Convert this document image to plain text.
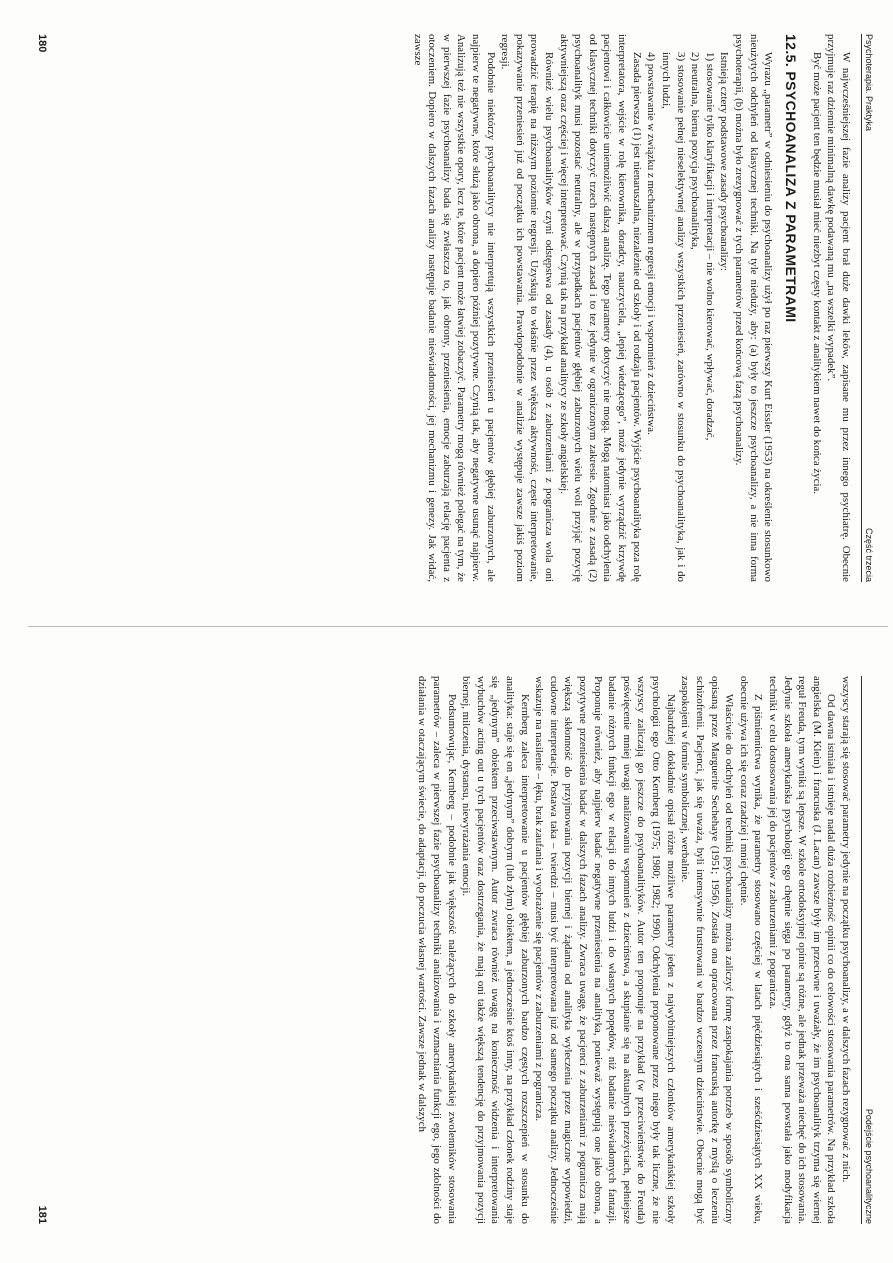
Psychoterapia. Praktyka
Część trzecia

W najwcześniejszej fazie analizy pacjent brał duże dawki leków, zapisane mu przez innego psychiatrę. Obecnie przyjmuje raz dziennie minimalną dawkę podawaną mu „na wszelki wypadek”.

Być może pacjent ten będzie musiał mieć niezbyt częsty kontakt z analitykiem nawet do końca życia.

12.5. PSYCHOANALIZA Z PARAMETRAMI

Wyrazu „parametr” w odniesieniu do psychoanalizy użył po raz pierwszy Kurt Eissler (1953) na określenie stosunkowo nieużytych odchyleń od klasycznej techniki. Na tyle nieduży, aby: (a) były to jeszcze psychoanalizy, a nie inna forma psychoterapii, (b) można było zrezygnować z tych parametrów przed końcową fazą psychoanalizy.

Istnieją cztery podstawowe zasady psychoanalizy:

1) stosowanie tylko klaryfikacji i interpretacji – nie wolno kierować, wpływać, doradzać,

2) neutralna, bierna pozycja psychoanalityka,

3) stosowanie pełnej nieselektywnej analizy wszystkich przeniesień, zarówno w stosunku do psychoanalityka, jak i do innych ludzi,

4) powstawanie w związku z mechanizmem regresji emocji i wspomnień z dzieciństwa.

Zasada pierwsza (1) jest nienaruszalna, niezależnie od szkoły i od rodzaju pacjentów. Wyjście psychoanalityka poza rolę interpretatora, wejście w rolę kierownika, doradcy, nauczyciela, „lepiej wiedzącego”, może jedynie wyrządzić krzywdę pacjentowi i całkowicie uniemożliwić dalszą analizę. Tego parametry dotyczyć nie mogą. Mogą natomiast jako odchylenia od klasycznej techniki dotyczyć trzech następnych zasad i to tez jedynie w ograniczonym zakresie. Zgodnie z zasadą (2) psychoanalityk musi pozostać neutralny, ale w przypadkach pacjentów głębiej zaburzonych wielu woli przyjąć pozycję aktywniejszą oraz częściej i więcej interpretować. Czynią tak na przykład analitycy ze szkoły angielskiej.

Również wielu psychoanalityków czyni odstępstwa od zasady (4), u osób z zaburzeniami z pogranicza wola oni prowadzić terapię na niższym poziomie regresji. Uzyskują to właśnie przez większą aktywność, częste interpretowanie, pokazywanie przeniesień już od początku ich powstawania. Prawdopodobnie w analizie występuje zawsze jakiś poziom regresji.

Podobnie niektórzy psychoanalitycy nie interpretują wszystkich przeniesień u pacjentów głębiej zaburzonych, ale najpierw te negatywne, które służą jako obrona, a dopiero później pozytywne. Czynią tak, aby negatywne usunąć najpierw. Analizują też nie wszystkie opory, lecz te, które pacjent może łatwiej zobaczyć. Parametry mogą również polegać na tym, że w pierwszej fazie psychoanalizy bada się zwłaszcza to, jak obrony, przeniesienia, emocje zaburzają relację pacjenta z otoczeniem. Dopiero w dalszych fazach analizy następuje badanie nieświadomości, jej mechanizmu i genezy. Jak widać, zawsze

180
Podejście psychoanalityczne

wszyscy starają się stosować parametry jedynie na początku psychoanalizy, a w dalszych fazach rezygnować z nich.

Od dawna istniała i istnieje nadal duża rozbieżność opinii co do celowości stosowania parametrów. Na przykład szkoła angielska (M. Klein) i francuska (J. Lacan) zawsze były im przeciwne i uważały, że im psychoanalityk trzyma się wiernej reguł Freuda, tym wyniki są lepsze. W szkole ortodoksyjnej opinie są różne, ale jednak przeważa niechęć do ich stosowania. Jedynie szkoła amerykańska psychologii ego chętnie sięga po parametry, gdyż to ona sama powstała jako modyfikacja techniki w celu dostosowania jej do pacjentów z zaburzeniami z pogranicza.

Z piśmiennictwa wynika, że parametry stosowano częściej w latach pięćdziesiątych i sześćdziesiątych XX wieku, obecnie używa ich się coraz rzadziej i mniej chętnie.

Właściwie do odchyleń od techniki psychoanalizy można zaliczyć formę zaspokajania potrzeb w sposób symboliczny opisaną przez Marguerite Sechehaye (1951; 1956). Została ona opracowana przez francuską autorkę z myślą o leczeniu schizofrenii. Pacjenci, jak się uważa, byli intensywnie frustrowani w bardzo wczesnym dzieciństwie. Obecnie mogą być zaspokojeni w formie symbolicznej, werbalnie.

Najbardziej dokładnie opisał różne możliwe parametry jeden z najwybitniejszych członków amerykańskiej szkoły psychologii ego Otto Kernberg (1975; 1980; 1982; 1990). Odchylenia proponowane przez niego były tak liczne, że nie wszyscy zaliczają go jeszcze do psychoanalityków. Autor ten proponuje na przykład (w przeciwieństwie do Freuda) poświęcenie mniej uwagi analizowaniu wspomnień z dzieciństwa, a skupianie się na aktualnych przeżyciach, pełniejsze badanie różnych funkcji ego w relacji do innych ludzi i do własnych popędów, niż badanie nieświadomych fantazji. Proponuje również, aby najpierw badać negatywne przeniesienia na analityka, ponieważ występują one jako obrona, a pozytywne przeniesienia badać w dalszych fazach analizy. Zwraca uwagę, że pacjenci z zaburzeniami z pogranicza mają większą skłonność do przyjmowania pozycji biernej i żądania od analityka wyleczenia przez magiczne wypowiedzi, cudowne interpretacje. Postawa taka – twierdzi – musi być interpretowana już od samego początku analizy. Jednocześnie wskazuje na nasilenie – lęku, brak zaufania i wyobrażenie się pacjentów z zaburzeniami z pogranicza.

Kernberg zaleca interpretowanie u pacjentów głębiej zaburzonych bardzo częstych rozszczepień w stosunku do analityka: staje się on „jedynym” dobrym (lub złym) obiektem, a jednocześnie ktoś inny, na przykład członek rodziny staje się „jedynym” obiektem przeciwstawnym. Autor zwraca również uwagę na konieczność widzenia i interpretowania wybuchów acting out u tych pacjentów oraz dostrzegania, że mają oni także większą tendencję do przyjmowania pozycji biernej, milczenia, dystansu, niewyrażania emocji.

Podsumowując, Kernberg – podobnie jak większość należących do szkoły amerykańskiej zwolenników stosowania parametrów – zaleca w pierwszej fazie psychoanalizy techniki analizowania i wzmacniania funkcji ego, jego zdolności do działania w otaczającym świecie, do adaptacji, do poczucia własnej wartości. Zawsze jednak w dalszych

181
